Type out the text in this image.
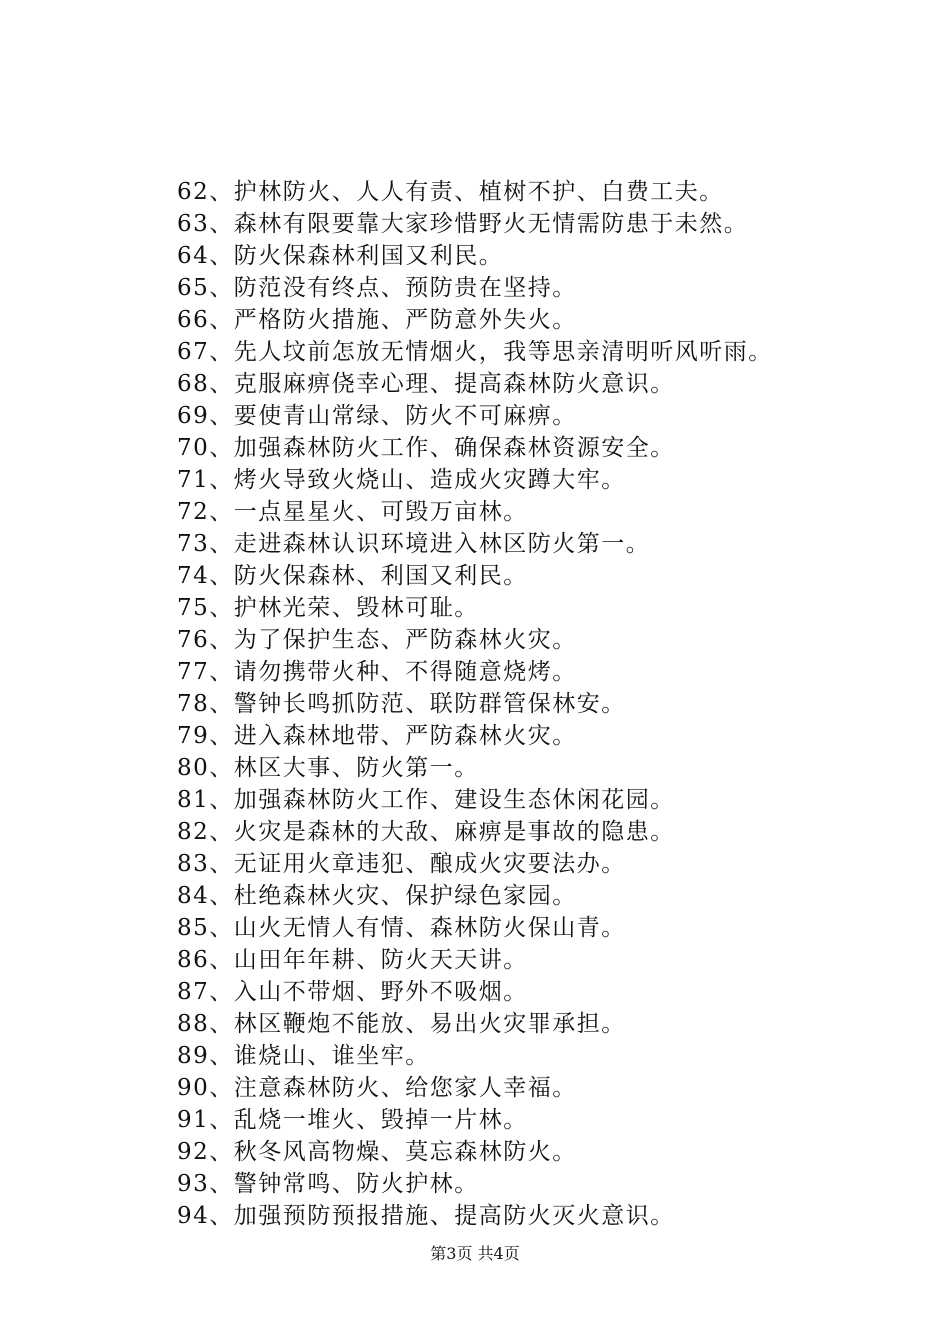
62、护林防火、人人有责、植树不护、白费工夫。
63、森林有限要靠大家珍惜野火无情需防患于未然。
64、防火保森林利国又利民。
65、防范没有终点、预防贵在坚持。
66、严格防火措施、严防意外失火。
67、先人坟前怎放无情烟火，我等思亲清明听风听雨。
68、克服麻痹侥幸心理、提高森林防火意识。
69、要使青山常绿、防火不可麻痹。
70、加强森林防火工作、确保森林资源安全。
71、烤火导致火烧山、造成火灾蹲大牢。
72、一点星星火、可毁万亩林。
73、走进森林认识环境进入林区防火第一。
74、防火保森林、利国又利民。
75、护林光荣、毁林可耻。
76、为了保护生态、严防森林火灾。
77、请勿携带火种、不得随意烧烤。
78、警钟长鸣抓防范、联防群管保林安。
79、进入森林地带、严防森林火灾。
80、林区大事、防火第一。
81、加强森林防火工作、建设生态休闲花园。
82、火灾是森林的大敌、麻痹是事故的隐患。
83、无证用火章违犯、酿成火灾要法办。
84、杜绝森林火灾、保护绿色家园。
85、山火无情人有情、森林防火保山青。
86、山田年年耕、防火天天讲。
87、入山不带烟、野外不吸烟。
88、林区鞭炮不能放、易出火灾罪承担。
89、谁烧山、谁坐牢。
90、注意森林防火、给您家人幸福。
91、乱烧一堆火、毁掉一片林。
92、秋冬风高物燥、莫忘森林防火。
93、警钟常鸣、防火护林。
94、加强预防预报措施、提高防火灭火意识。
第3页 共4页
